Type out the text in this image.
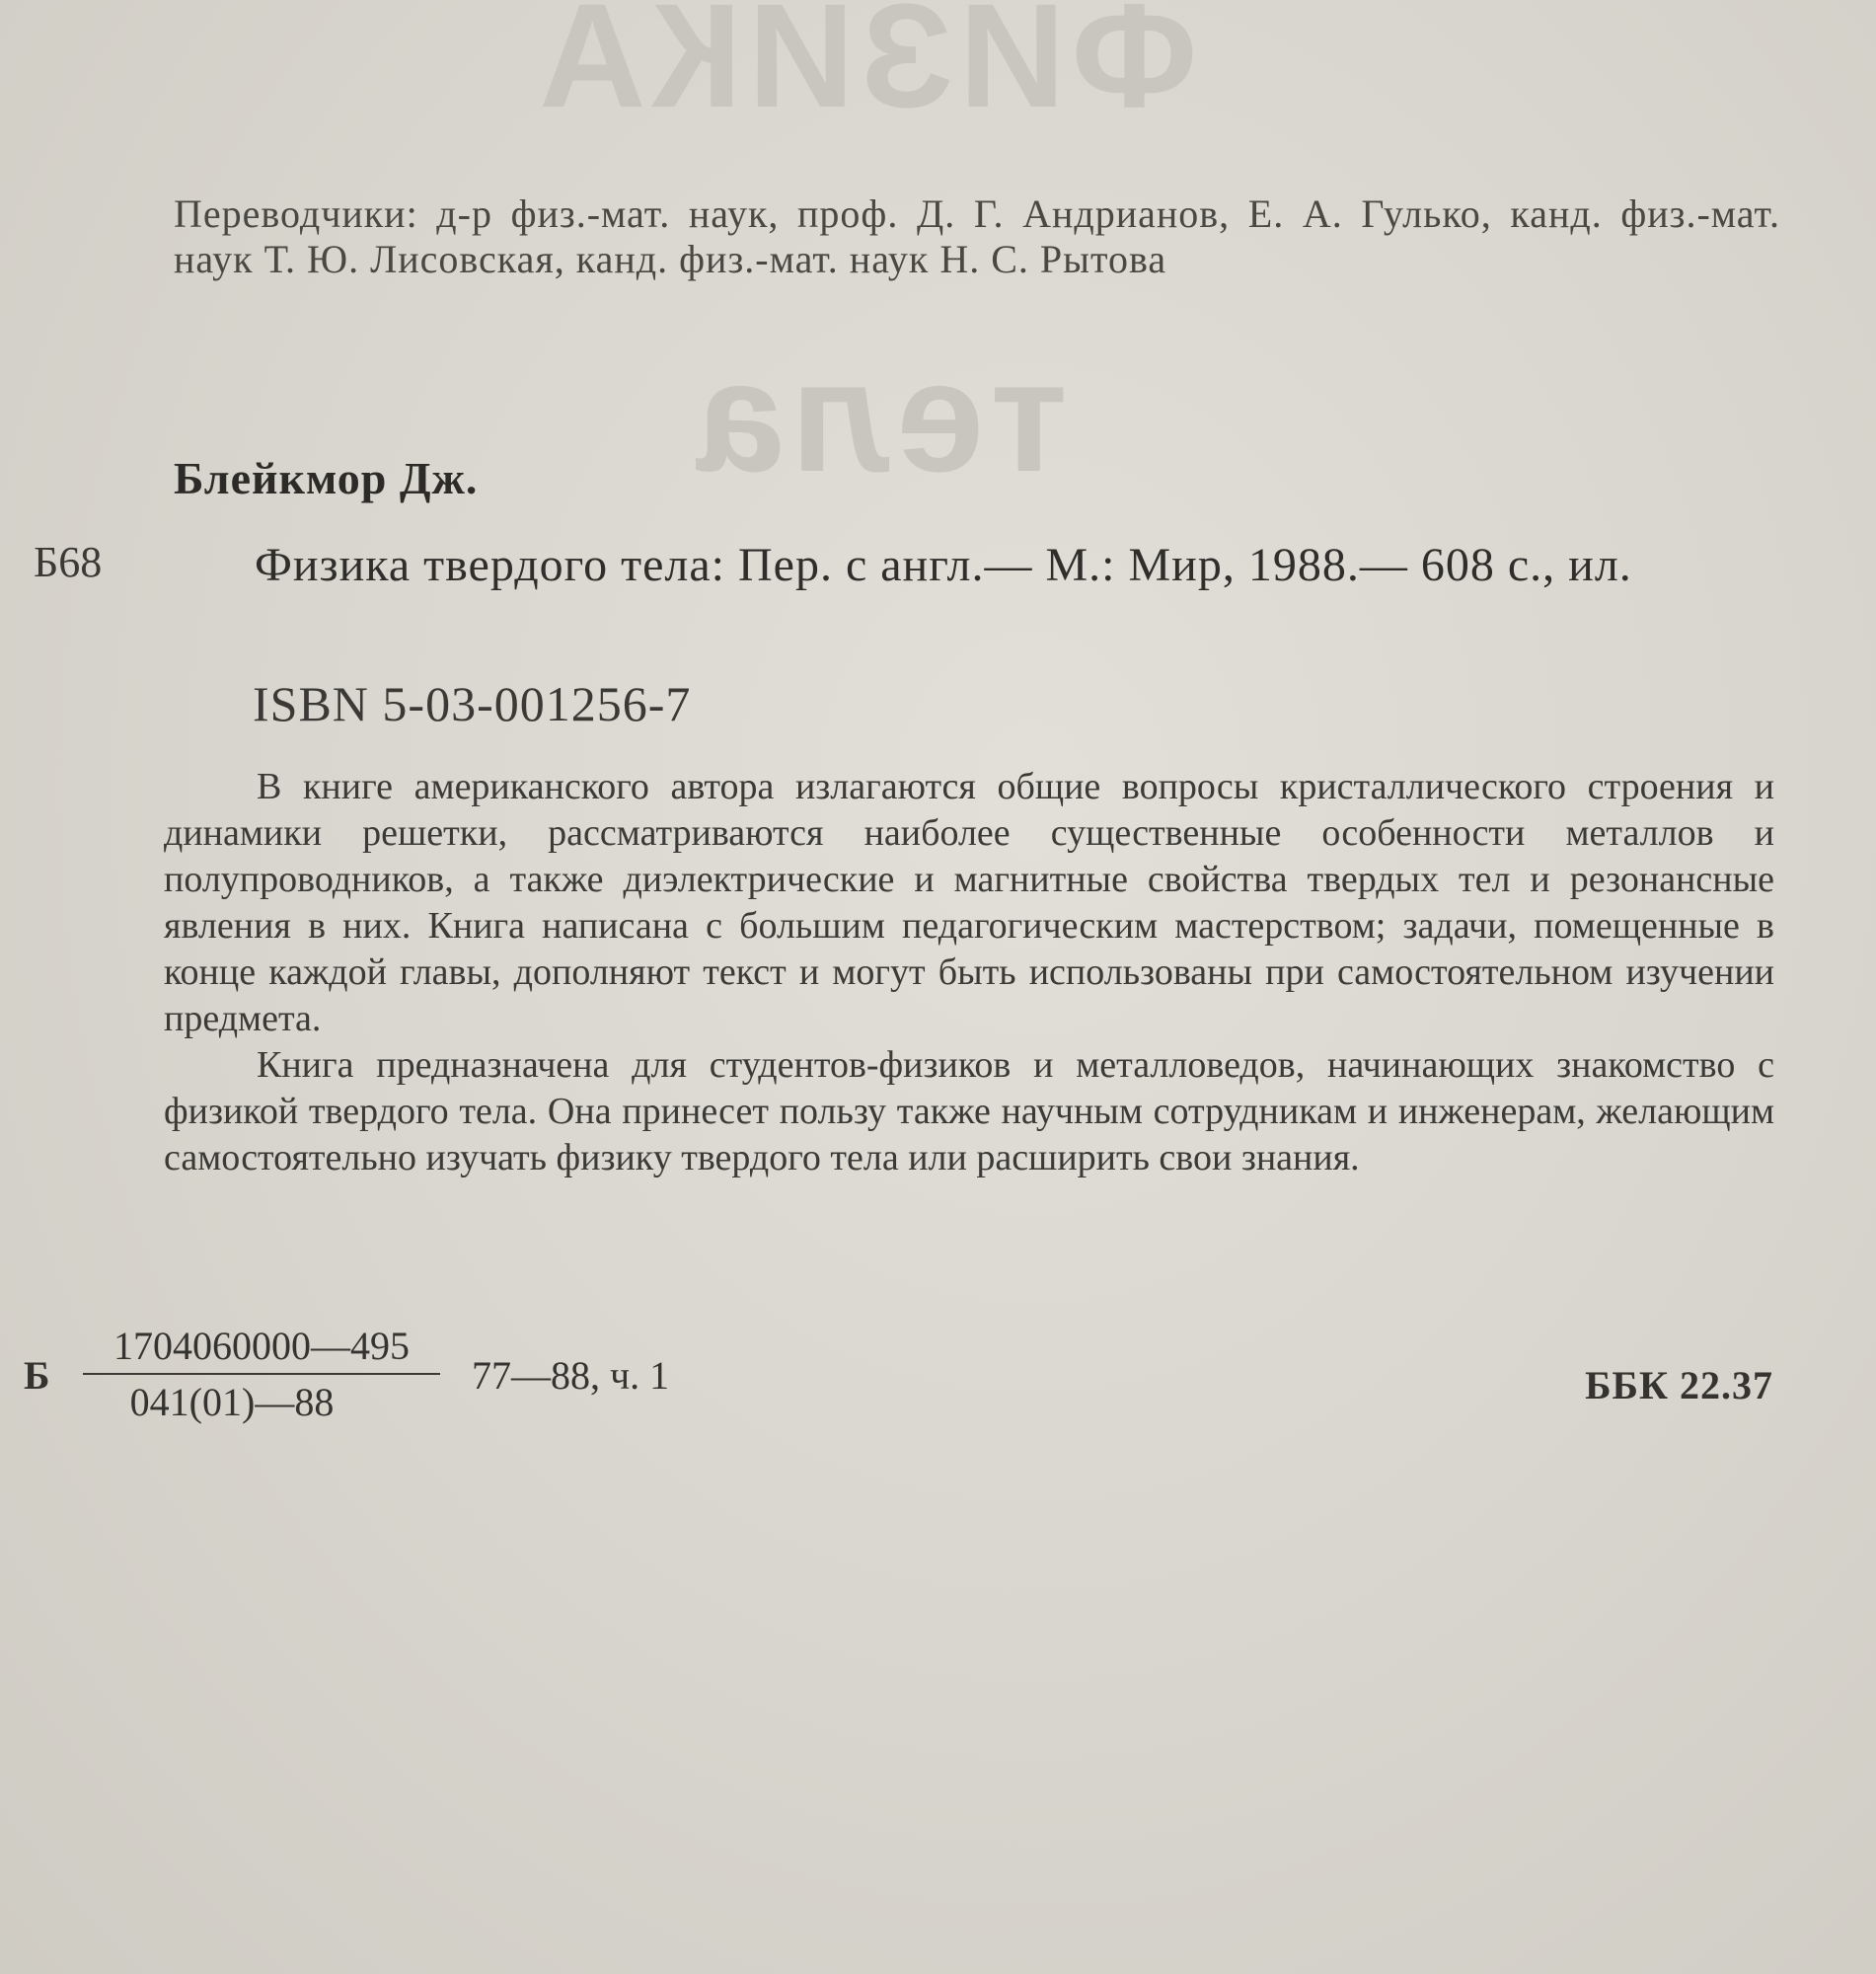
ФИЗИКА
тела
Переводчики: д-р физ.-мат. наук, проф. Д. Г. Андрианов, Е. А. Гулько, канд. физ.-мат. наук Т. Ю. Лисовская, канд. физ.-мат. наук Н. С. Рытова
Блейкмор Дж.
Б68	Физика твердого тела: Пер. с англ.— М.: Мир, 1988.— 608 с., ил.
ISBN 5-03-001256-7

В книге американского автора излагаются общие вопросы кристаллического строения и динамики решетки, рассматриваются наиболее существенные особенности металлов и полупроводников, а также диэлектрические и магнитные свойства твердых тел и резонансные явления в них. Книга написана с большим педагогическим мастерством; задачи, помещенные в конце каждой главы, дополняют текст и могут быть использованы при самостоятельном изучении предмета.

Книга предназначена для студентов-физиков и металловедов, начинающих знакомство с физикой твердого тела. Она принесет пользу также научным сотрудникам и инженерам, желающим самостоятельно изучать физику твердого тела или расширить свои знания.

Б
1704060000—495
041(01)—88
77—88, ч. 1	ББК 22.37
